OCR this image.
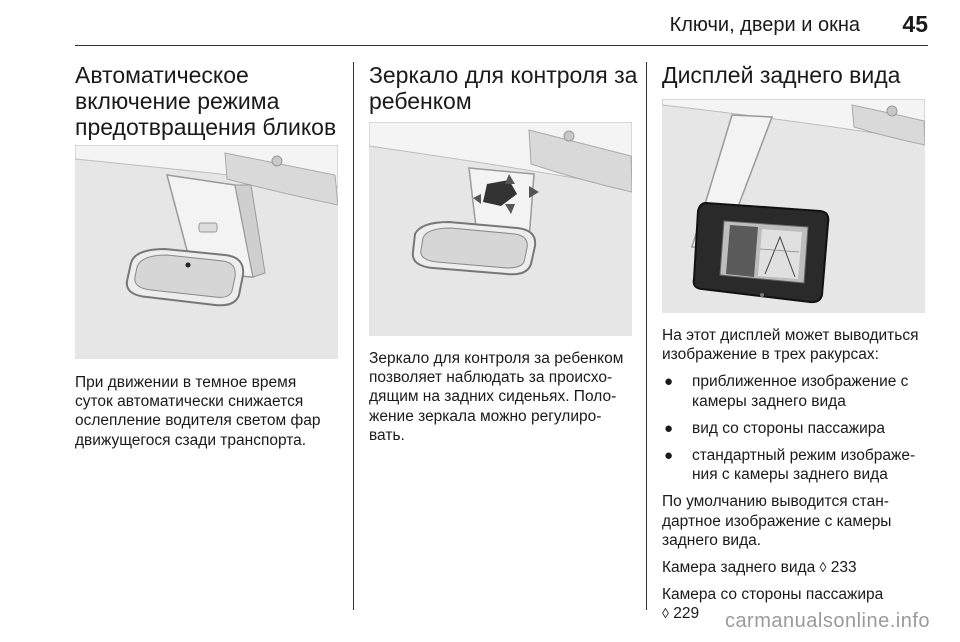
Ключи, двери и окна	45
Автоматическое
включение режима
предотвращения бликов
При движении в темное время
суток автоматически снижается
ослепление водителя светом фар
движущегося сзади транспорта.
Зеркало для контроля за
ребенком
Зеркало для контроля за ребенком
позволяет наблюдать за происхо-
дящим на задних сиденьях. Поло-
жение зеркала можно регулиро-
вать.
Дисплей заднего вида
На этот дисплей может выводиться
изображение в трех ракурсах:
●	приближенное изображение с
камеры заднего вида
●	вид со стороны пассажира
●	стандартный режим изображе-
ния с камеры заднего вида
По умолчанию выводится стан-
дартное изображение с камеры
заднего вида.
Камера заднего вида ◊ 233
Камера со стороны пассажира
◊ 229	carmanualsonline.info
